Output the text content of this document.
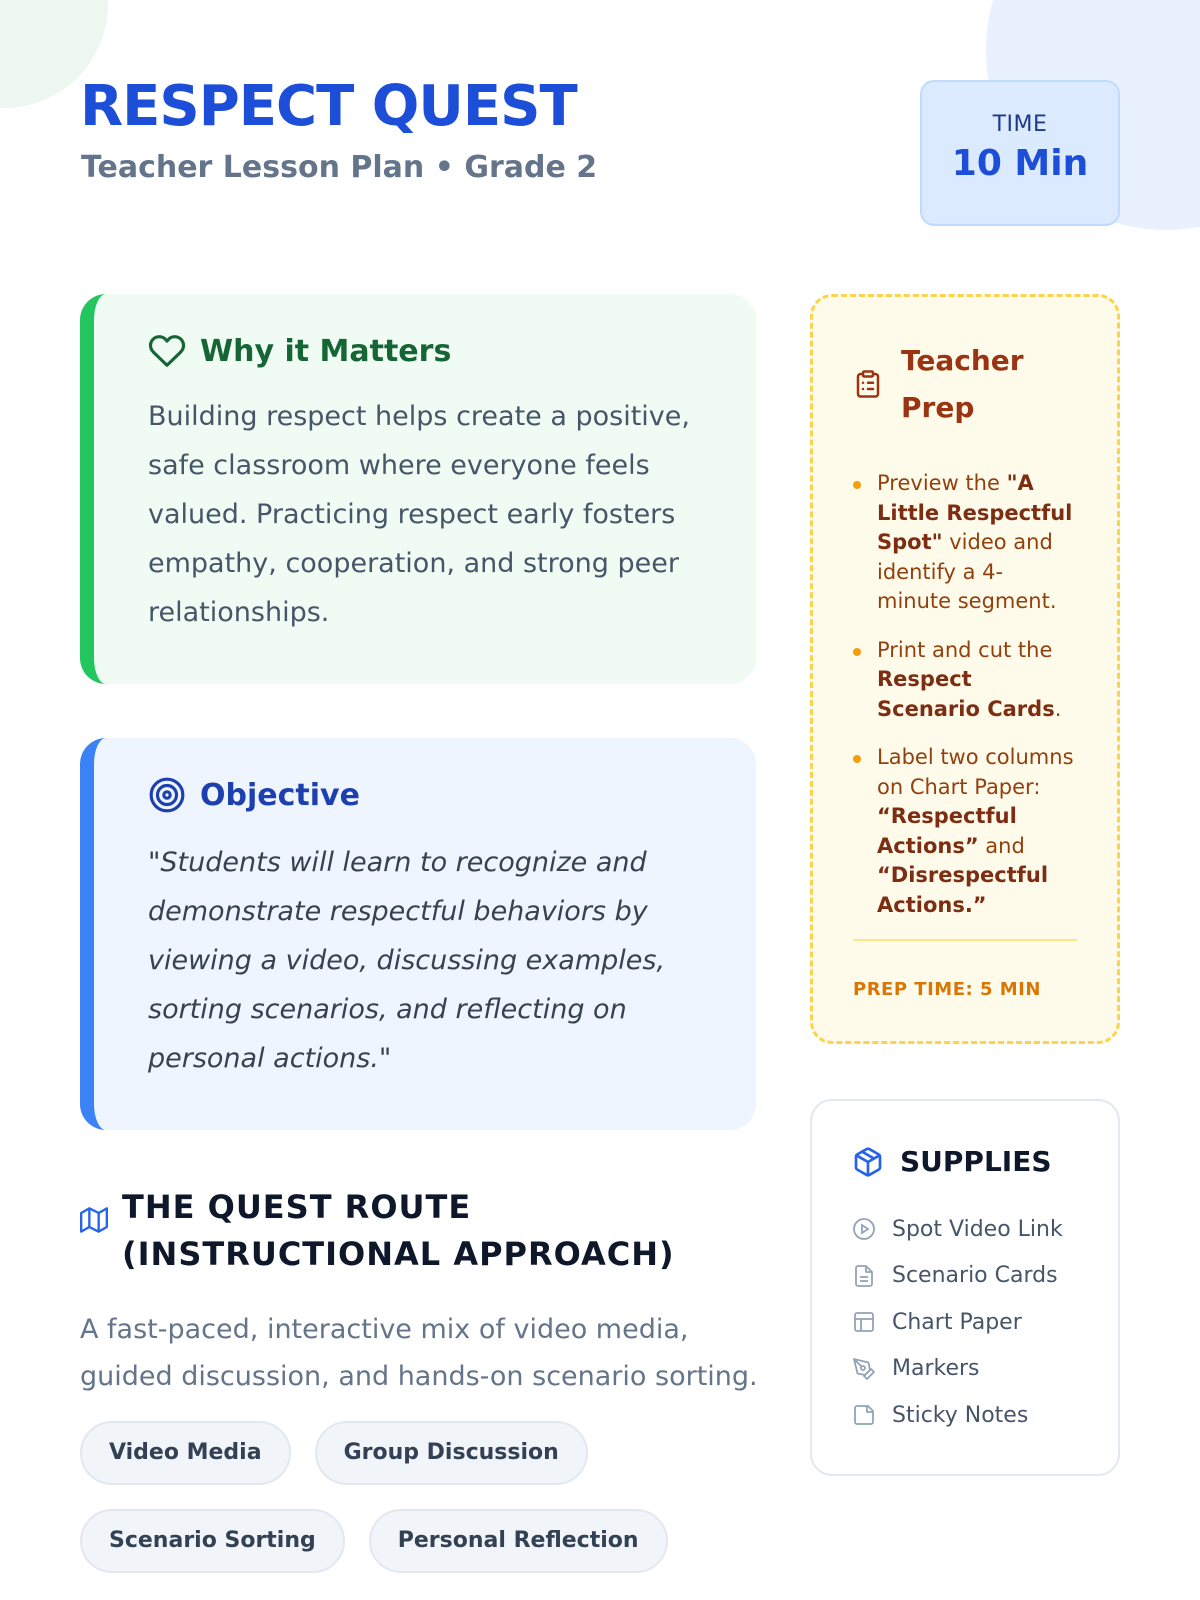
RESPECT QUEST
Teacher Lesson Plan • Grade 2
TIME
10 Min
Why it Matters

Building respect helps create a positive, safe classroom where everyone feels valued. Practicing respect early fosters empathy, cooperation, and strong peer relationships.

Objective

"Students will learn to recognize and demonstrate respectful behaviors by viewing a video, discussing examples, sorting scenarios, and reflecting on personal actions."

THE QUEST ROUTE
(INSTRUCTIONAL APPROACH)

A fast-paced, interactive mix of video media, guided discussion, and hands-on scenario sorting.

Video Media	Group Discussion
Scenario Sorting	Personal Reflection
Teacher
Prep
Preview the "A Little Respectful Spot" video and identify a 4-minute segment.
Print and cut the Respect Scenario Cards.
Label two columns on Chart Paper: “Respectful Actions” and “Disrespectful Actions.”
PREP TIME: 5 MIN
SUPPLIES
Spot Video Link
Scenario Cards
Chart Paper
Markers
Sticky Notes
